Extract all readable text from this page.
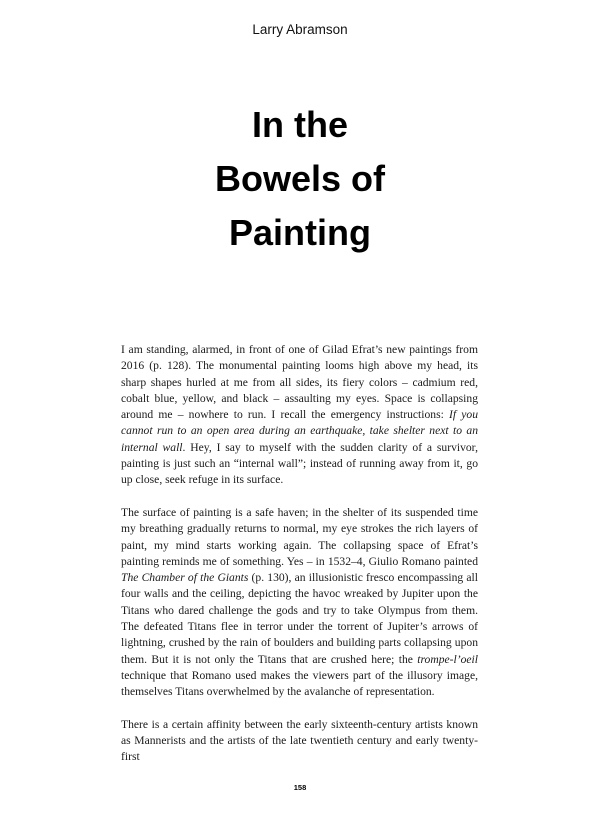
Larry Abramson
In the
Bowels of
Painting

I am standing, alarmed, in front of one of Gilad Efrat’s new paintings from 2016 (p. 128). The monumental painting looms high above my head, its sharp shapes hurled at me from all sides, its fiery colors – cadmium red, cobalt blue, yellow, and black – assaulting my eyes. Space is collapsing around me – nowhere to run. I recall the emergency instructions: If you cannot run to an open area during an earthquake, take shelter next to an internal wall. Hey, I say to myself with the sudden clarity of a survivor, painting is just such an “internal wall”; instead of running away from it, go up close, seek refuge in its surface.

The surface of painting is a safe haven; in the shelter of its suspended time my breathing gradually returns to normal, my eye strokes the rich layers of paint, my mind starts working again. The collapsing space of Efrat’s painting reminds me of something. Yes – in 1532–4, Giulio Romano painted The Chamber of the Giants (p. 130), an illusionistic fresco encompassing all four walls and the ceiling, depicting the havoc wreaked by Jupiter upon the Titans who dared challenge the gods and try to take Olympus from them. The defeated Titans flee in terror under the torrent of Jupiter’s arrows of lightning, crushed by the rain of boulders and building parts collapsing upon them. But it is not only the Titans that are crushed here; the trompe-l’oeil technique that Romano used makes the viewers part of the illusory image, themselves Titans overwhelmed by the avalanche of representation.

There is a certain affinity between the early sixteenth-century artists known as Mannerists and the artists of the late twentieth century and early twenty-first

158
